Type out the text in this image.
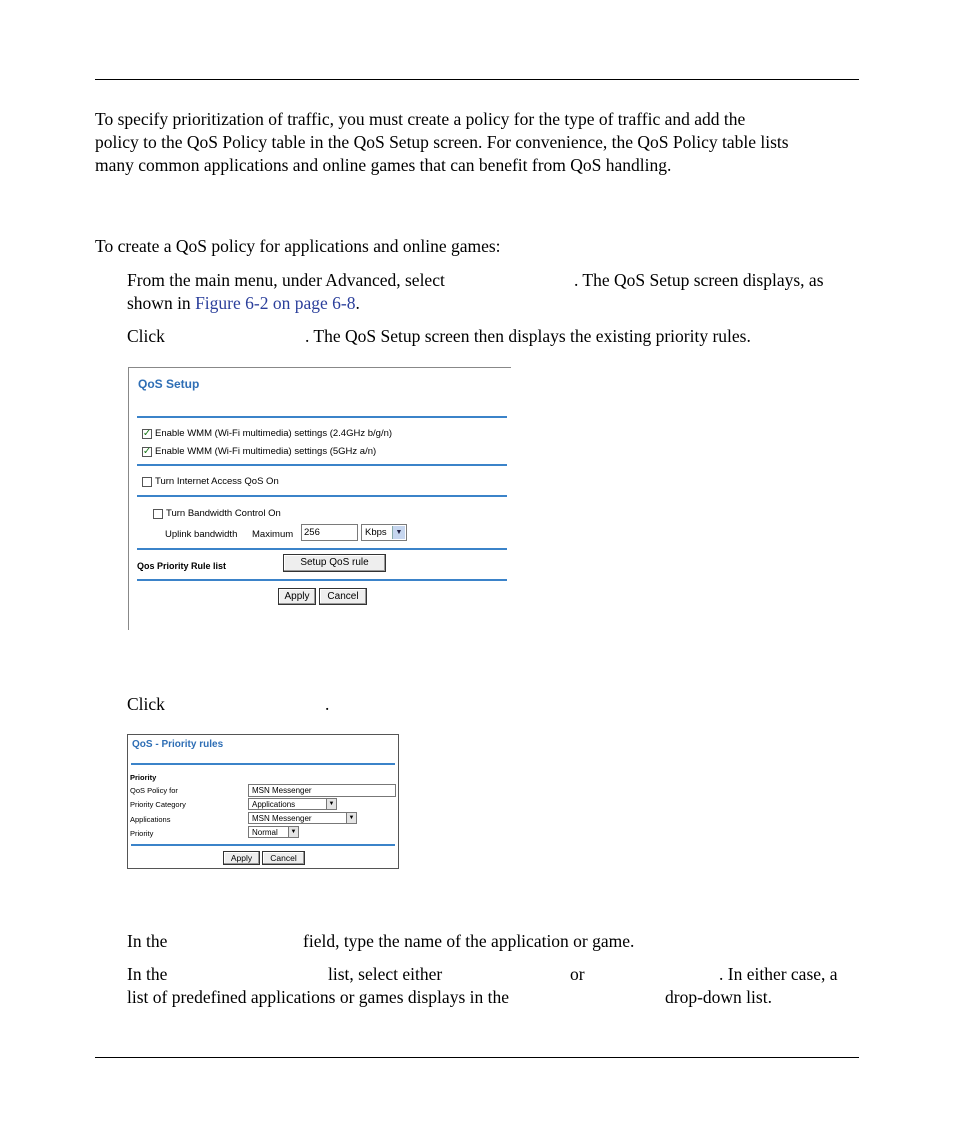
To specify prioritization of traffic, you must create a policy for the type of traffic and add the
policy to the QoS Policy table in the QoS Setup screen. For convenience, the QoS Policy table lists
many common applications and online games that can benefit from QoS handling.
To create a QoS policy for applications and online games:
From the main menu, under Advanced, select	. The QoS Setup screen displays, as
shown in Figure 6-2 on page 6-8.
Click	. The QoS Setup screen then displays the existing priority rules.
QoS Setup
✓ Enable WMM (Wi-Fi multimedia) settings (2.4GHz b/g/n)
✓ Enable WMM (Wi-Fi multimedia) settings (5GHz a/n)
Turn Internet Access QoS On
Turn Bandwidth Control On
Uplink bandwidth Maximum	256	Kbps	▼
Qos Priority Rule list	Setup QoS rule
Apply	Cancel
Click	.
QoS - Priority rules
Priority
QoS Policy for	MSN Messenger
Priority Category	Applications	▼
Applications	MSN Messenger	▼
Priority	Normal	▼
Apply	Cancel
In the	field, type the name of the application or game.
In the	list, select either	or	. In either case, a
list of predefined applications or games displays in the	drop-down list.
